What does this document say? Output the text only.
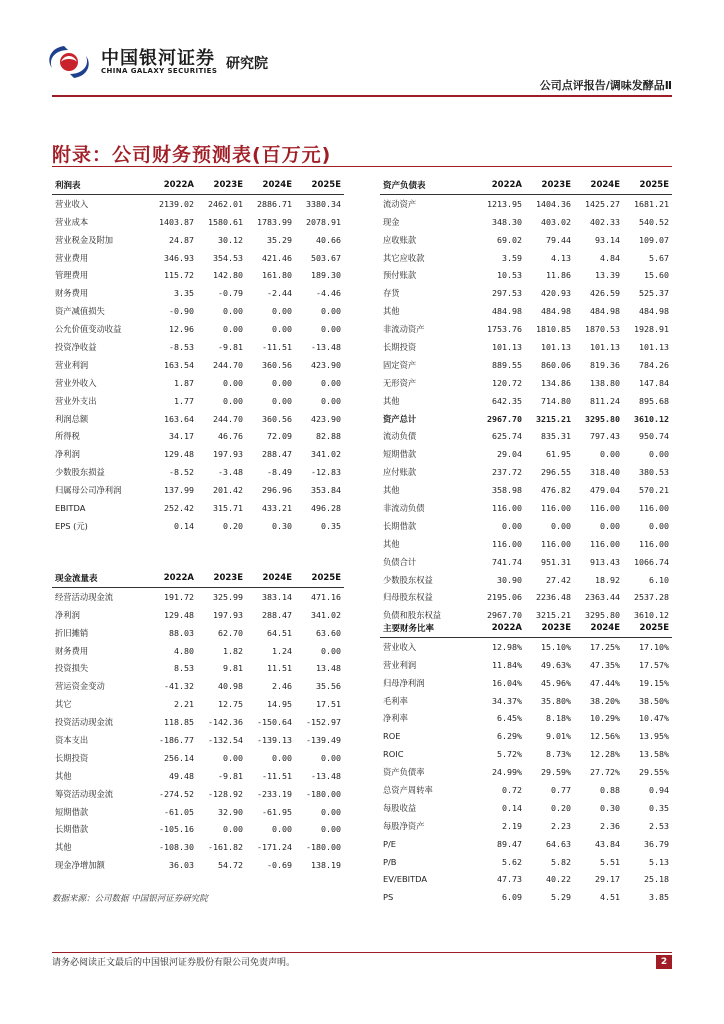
中国银河证券
CHINA GALAXY SECURITIES 研究院
公司点评报告/调味发酵品Ⅱ
附录：公司财务预测表(百万元)
利润表	2022A	2023E	2024E	2025E
营业收入	2139.02	2462.01	2886.71	3380.34
营业成本	1403.87	1580.61	1783.99	2078.91
营业税金及附加	24.87	30.12	35.29	40.66
营业费用	346.93	354.53	421.46	503.67
管理费用	115.72	142.80	161.80	189.30
财务费用	3.35	-0.79	-2.44	-4.46
资产减值损失	-0.90	0.00	0.00	0.00
公允价值变动收益	12.96	0.00	0.00	0.00
投资净收益	-8.53	-9.81	-11.51	-13.48
营业利润	163.54	244.70	360.56	423.90
营业外收入	1.87	0.00	0.00	0.00
营业外支出	1.77	0.00	0.00	0.00
利润总额	163.64	244.70	360.56	423.90
所得税	34.17	46.76	72.09	82.88
净利润	129.48	197.93	288.47	341.02
少数股东损益	-8.52	-3.48	-8.49	-12.83
归属母公司净利润	137.99	201.42	296.96	353.84
EBITDA	252.42	315.71	433.21	496.28
EPS (元)	0.14	0.20	0.30	0.35
资产负债表	2022A	2023E	2024E	2025E
流动资产	1213.95	1404.36	1425.27	1681.21
现金	348.30	403.02	402.33	540.52
应收账款	69.02	79.44	93.14	109.07
其它应收款	3.59	4.13	4.84	5.67
预付账款	10.53	11.86	13.39	15.60
存货	297.53	420.93	426.59	525.37
其他	484.98	484.98	484.98	484.98
非流动资产	1753.76	1810.85	1870.53	1928.91
长期投资	101.13	101.13	101.13	101.13
固定资产	889.55	860.06	819.36	784.26
无形资产	120.72	134.86	138.80	147.84
其他	642.35	714.80	811.24	895.68
资产总计	2967.70	3215.21	3295.80	3610.12
流动负债	625.74	835.31	797.43	950.74
短期借款	29.04	61.95	0.00	0.00
应付账款	237.72	296.55	318.40	380.53
其他	358.98	476.82	479.04	570.21
非流动负债	116.00	116.00	116.00	116.00
长期借款	0.00	0.00	0.00	0.00
其他	116.00	116.00	116.00	116.00
负债合计	741.74	951.31	913.43	1066.74
少数股东权益	30.90	27.42	18.92	6.10
归母股东权益	2195.06	2236.48	2363.44	2537.28
负债和股东权益	2967.70	3215.21	3295.80	3610.12
现金流量表	2022A	2023E	2024E	2025E
经营活动现金流	191.72	325.99	383.14	471.16
净利润	129.48	197.93	288.47	341.02
折旧摊销	88.03	62.70	64.51	63.60
财务费用	4.80	1.82	1.24	0.00
投资损失	8.53	9.81	11.51	13.48
营运资金变动	-41.32	40.98	2.46	35.56
其它	2.21	12.75	14.95	17.51
投资活动现金流	118.85	-142.36	-150.64	-152.97
资本支出	-186.77	-132.54	-139.13	-139.49
长期投资	256.14	0.00	0.00	0.00
其他	49.48	-9.81	-11.51	-13.48
筹资活动现金流	-274.52	-128.92	-233.19	-180.00
短期借款	-61.05	32.90	-61.95	0.00
长期借款	-105.16	0.00	0.00	0.00
其他	-108.30	-161.82	-171.24	-180.00
现金净增加额	36.03	54.72	-0.69	138.19
主要财务比率	2022A	2023E	2024E	2025E
营业收入	12.98%	15.10%	17.25%	17.10%
营业利润	11.84%	49.63%	47.35%	17.57%
归母净利润	16.04%	45.96%	47.44%	19.15%
毛利率	34.37%	35.80%	38.20%	38.50%
净利率	6.45%	8.18%	10.29%	10.47%
ROE	6.29%	9.01%	12.56%	13.95%
ROIC	5.72%	8.73%	12.28%	13.58%
资产负债率	24.99%	29.59%	27.72%	29.55%
总资产周转率	0.72	0.77	0.88	0.94
每股收益	0.14	0.20	0.30	0.35
每股净资产	2.19	2.23	2.36	2.53
P/E	89.47	64.63	43.84	36.79
P/B	5.62	5.82	5.51	5.13
EV/EBITDA	47.73	40.22	29.17	25.18
PS	6.09	5.29	4.51	3.85
数据来源：公司数据 中国银河证券研究院
请务必阅读正文最后的中国银河证券股份有限公司免责声明。	2
